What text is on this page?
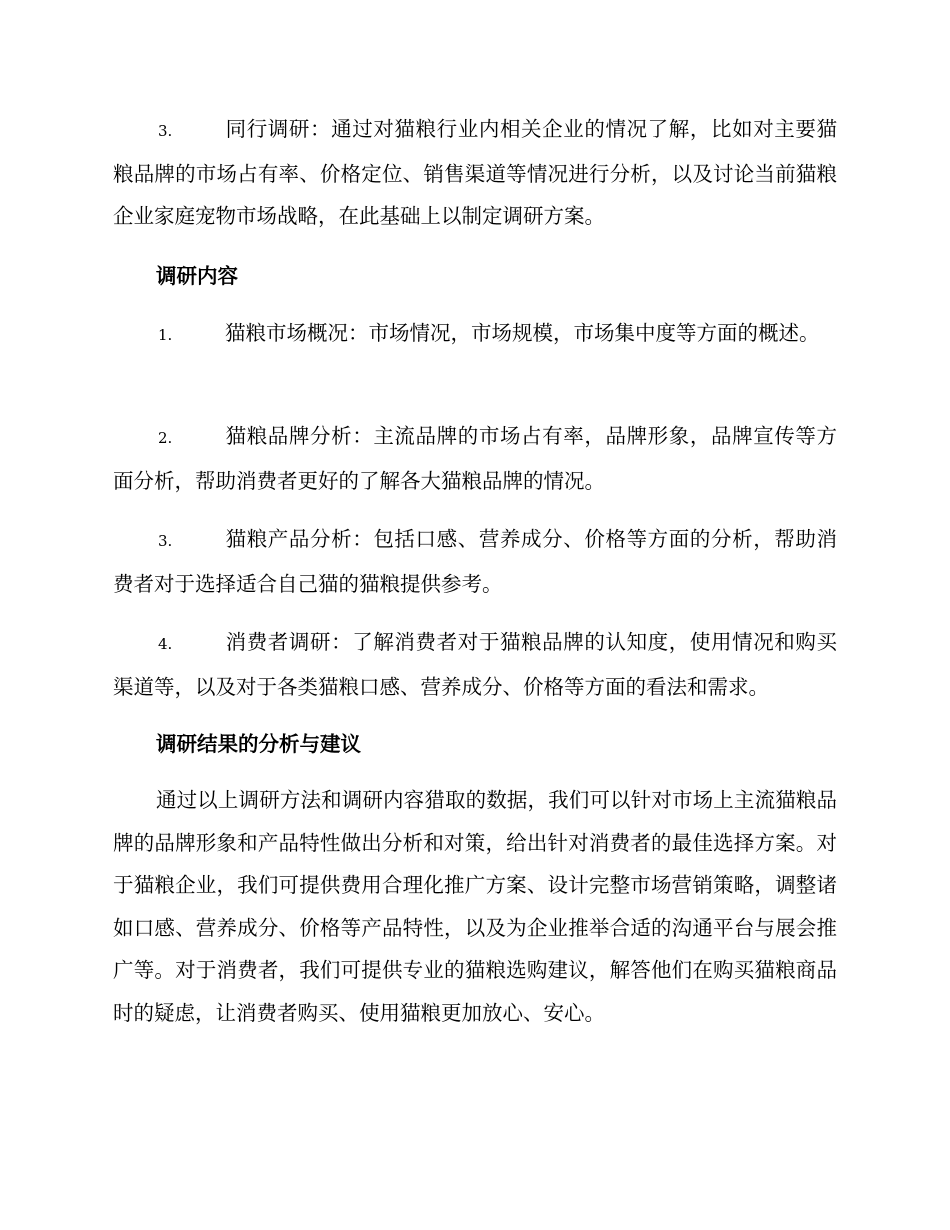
3.	同行调研：通过对猫粮行业内相关企业的情况了解，比如对主要猫粮品牌的市场占有率、价格定位、销售渠道等情况进行分析，以及讨论当前猫粮企业家庭宠物市场战略，在此基础上以制定调研方案。

调研内容

1.	猫粮市场概况：市场情况，市场规模，市场集中度等方面的概述。

2.	猫粮品牌分析：主流品牌的市场占有率，品牌形象，品牌宣传等方面分析，帮助消费者更好的了解各大猫粮品牌的情况。

3.	猫粮产品分析：包括口感、营养成分、价格等方面的分析，帮助消费者对于选择适合自己猫的猫粮提供参考。

4.	消费者调研：了解消费者对于猫粮品牌的认知度，使用情况和购买渠道等，以及对于各类猫粮口感、营养成分、价格等方面的看法和需求。

调研结果的分析与建议

通过以上调研方法和调研内容猎取的数据，我们可以针对市场上主流猫粮品牌的品牌形象和产品特性做出分析和对策，给出针对消费者的最佳选择方案。对于猫粮企业，我们可提供费用合理化推广方案、设计完整市场营销策略，调整诸如口感、营养成分、价格等产品特性，以及为企业推举合适的沟通平台与展会推广等。对于消费者，我们可提供专业的猫粮选购建议，解答他们在购买猫粮商品时的疑虑，让消费者购买、使用猫粮更加放心、安心。
